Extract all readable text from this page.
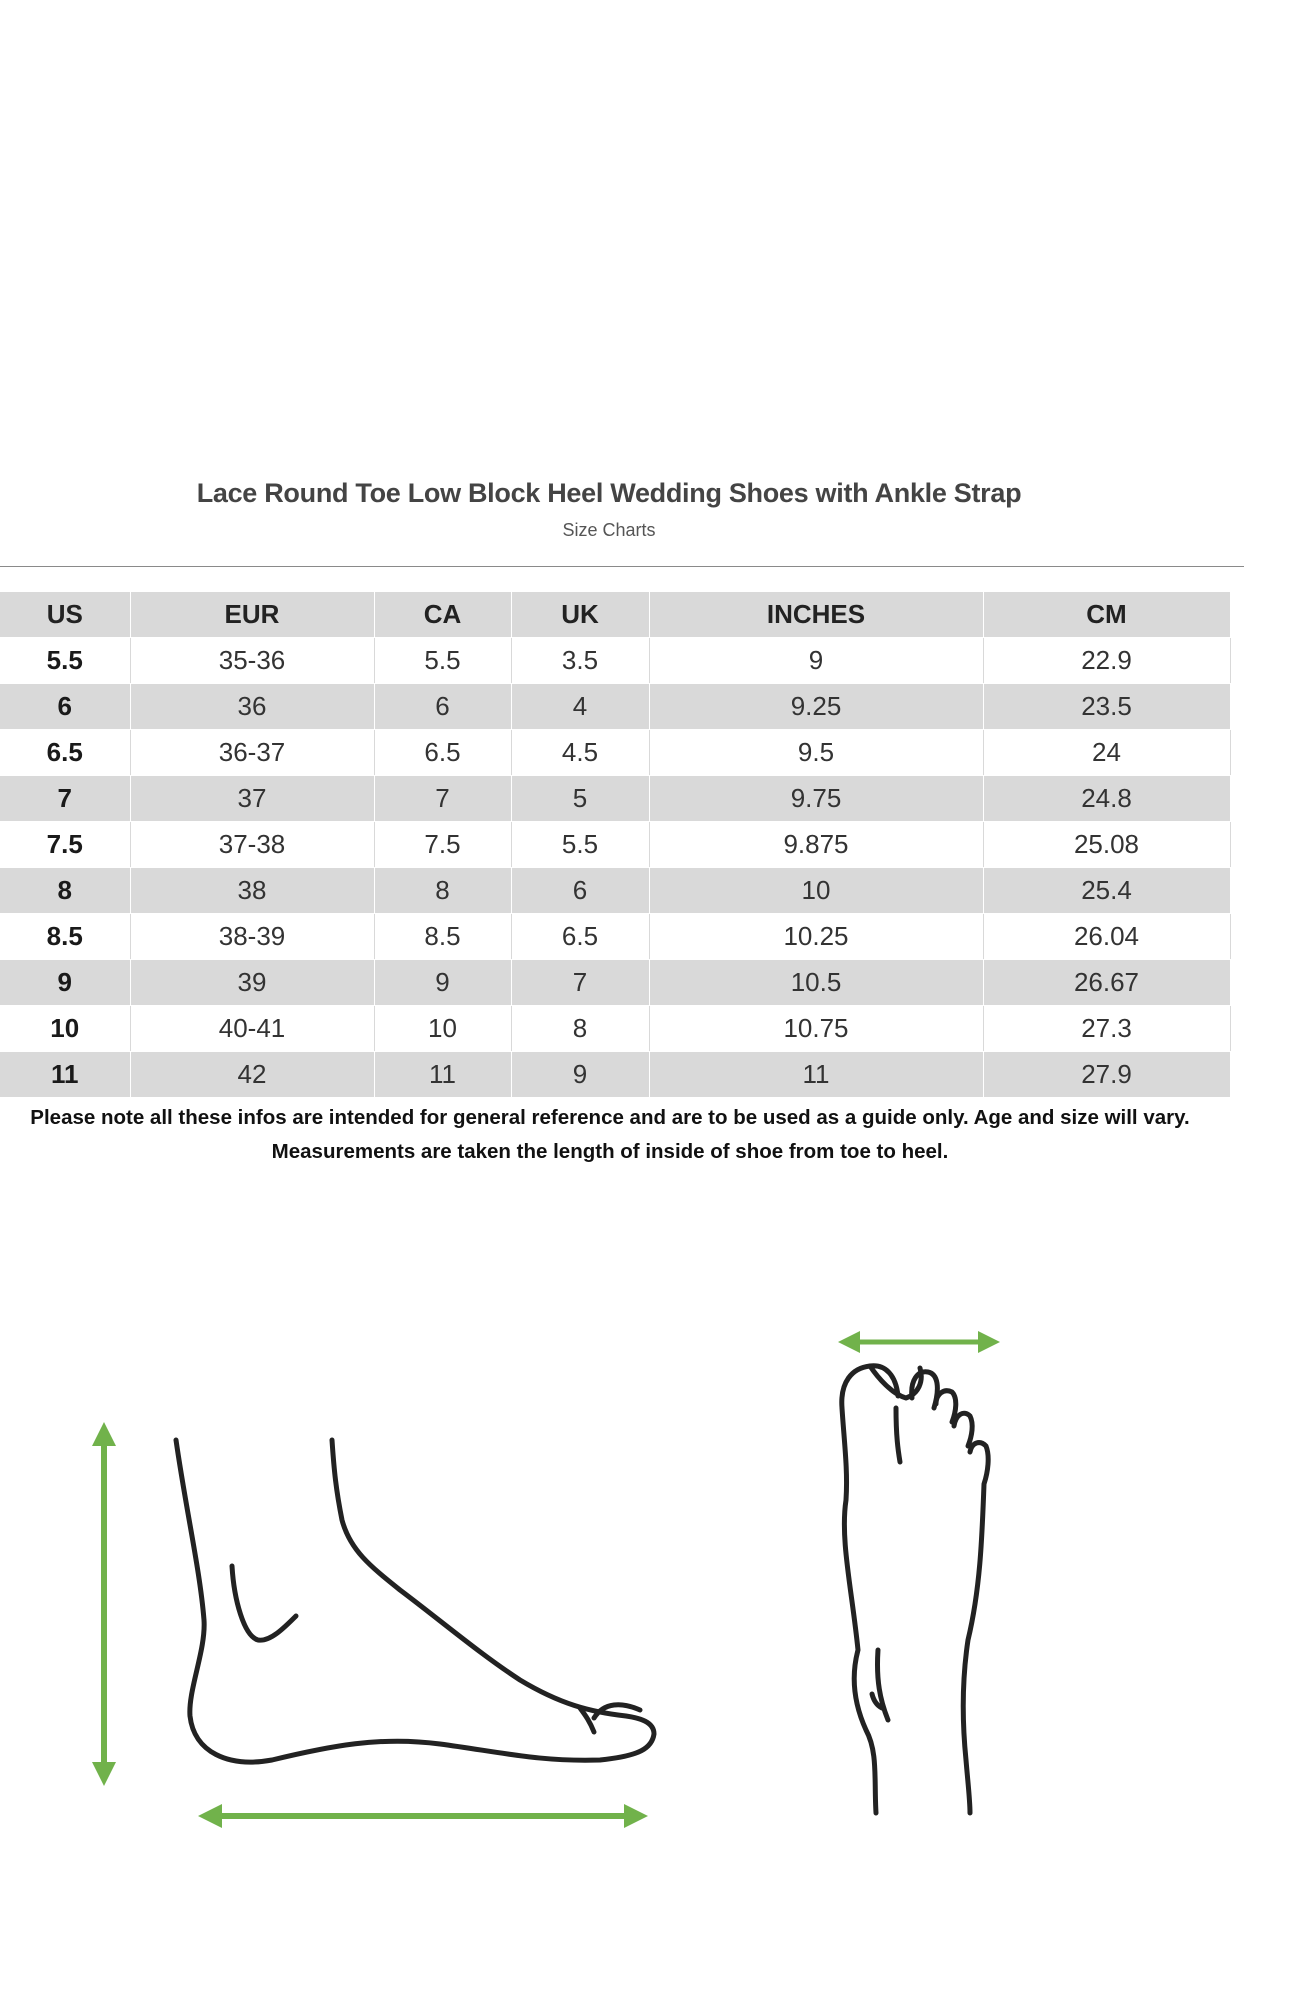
Lace Round Toe Low Block Heel Wedding Shoes with Ankle Strap
Size Charts
US	EUR	CA	UK	INCHES	CM
5.5	35-36	5.5	3.5	9	22.9
6	36	6	4	9.25	23.5
6.5	36-37	6.5	4.5	9.5	24
7	37	7	5	9.75	24.8
7.5	37-38	7.5	5.5	9.875	25.08
8	38	8	6	10	25.4
8.5	38-39	8.5	6.5	10.25	26.04
9	39	9	7	10.5	26.67
10	40-41	10	8	10.75	27.3
11	42	11	9	11	27.9
Please note all these infos are intended for general reference and are to be used as a guide only. Age and size will vary.
Measurements are taken the length of inside of shoe from toe to heel.
